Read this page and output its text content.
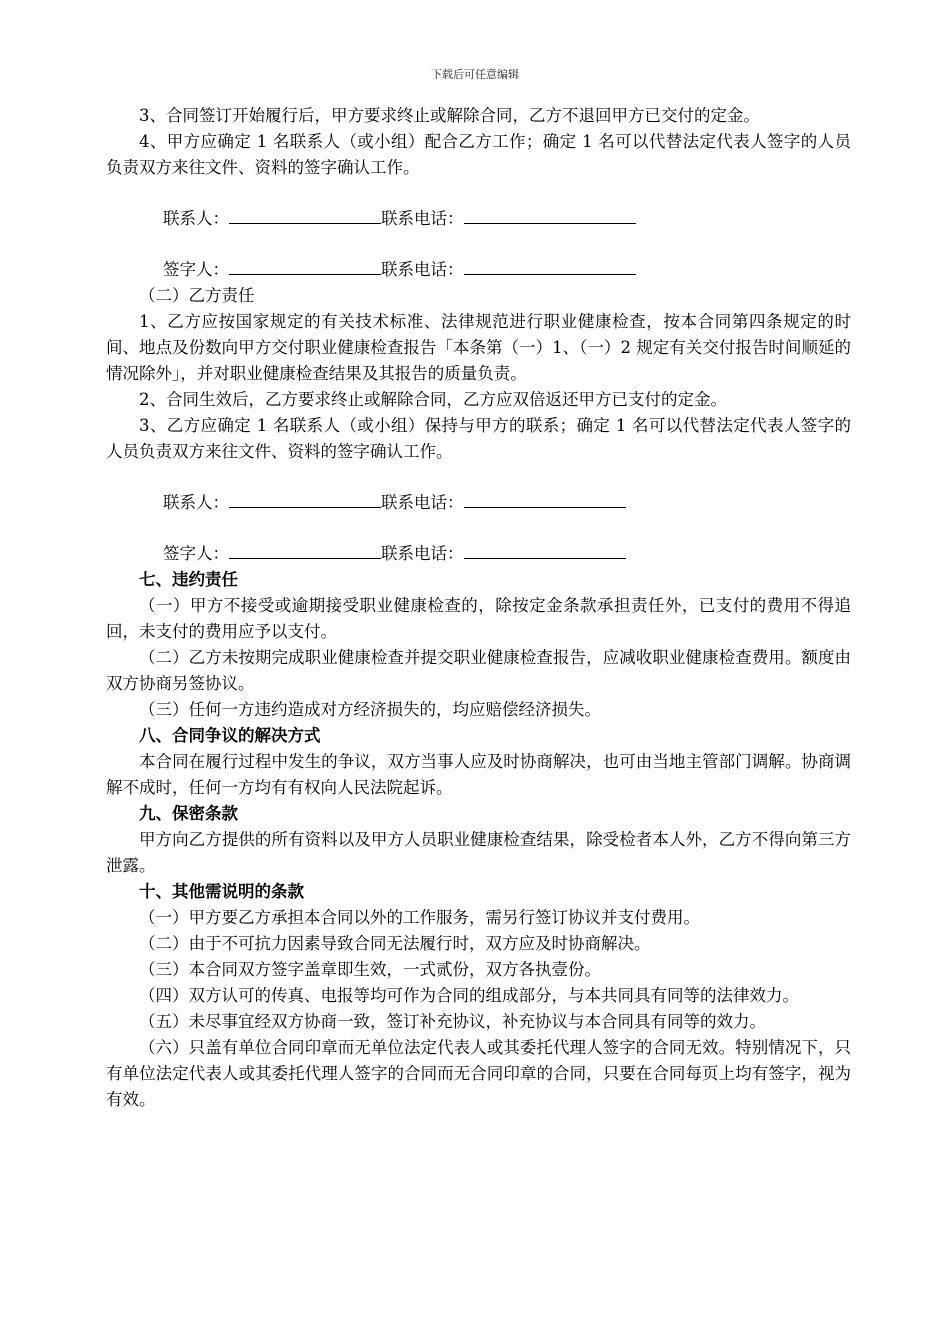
下载后可任意编辑

3、合同签订开始履行后，甲方要求终止或解除合同，乙方不退回甲方已交付的定金。

4、甲方应确定 1 名联系人（或小组）配合乙方工作；确定 1 名可以代替法定代表人签字的人员负责双方来往文件、资料的签字确认工作。

联系人：	联系电话：

签字人：	联系电话：

（二）乙方责任

1、乙方应按国家规定的有关技术标准、法律规范进行职业健康检查，按本合同第四条规定的时间、地点及份数向甲方交付职业健康检查报告「本条第（一）1、（一）2 规定有关交付报告时间顺延的情况除外」，并对职业健康检查结果及其报告的质量负责。

2、合同生效后，乙方要求终止或解除合同，乙方应双倍返还甲方已支付的定金。

3、乙方应确定 1 名联系人（或小组）保持与甲方的联系；确定 1 名可以代替法定代表人签字的人员负责双方来往文件、资料的签字确认工作。

联系人：	联系电话：

签字人：	联系电话：

七、违约责任

（一）甲方不接受或逾期接受职业健康检查的，除按定金条款承担责任外，已支付的费用不得追回，未支付的费用应予以支付。

（二）乙方未按期完成职业健康检查并提交职业健康检查报告，应减收职业健康检查费用。额度由双方协商另签协议。

（三）任何一方违约造成对方经济损失的，均应赔偿经济损失。

八、合同争议的解决方式

本合同在履行过程中发生的争议，双方当事人应及时协商解决，也可由当地主管部门调解。协商调解不成时，任何一方均有有权向人民法院起诉。

九、保密条款

甲方向乙方提供的所有资料以及甲方人员职业健康检查结果，除受检者本人外，乙方不得向第三方泄露。

十、其他需说明的条款

（一）甲方要乙方承担本合同以外的工作服务，需另行签订协议并支付费用。

（二）由于不可抗力因素导致合同无法履行时，双方应及时协商解决。

（三）本合同双方签字盖章即生效，一式贰份，双方各执壹份。

（四）双方认可的传真、电报等均可作为合同的组成部分，与本共同具有同等的法律效力。

（五）未尽事宜经双方协商一致，签订补充协议，补充协议与本合同具有同等的效力。

（六）只盖有单位合同印章而无单位法定代表人或其委托代理人签字的合同无效。特别情况下，只有单位法定代表人或其委托代理人签字的合同而无合同印章的合同，只要在合同每页上均有签字，视为有效。
